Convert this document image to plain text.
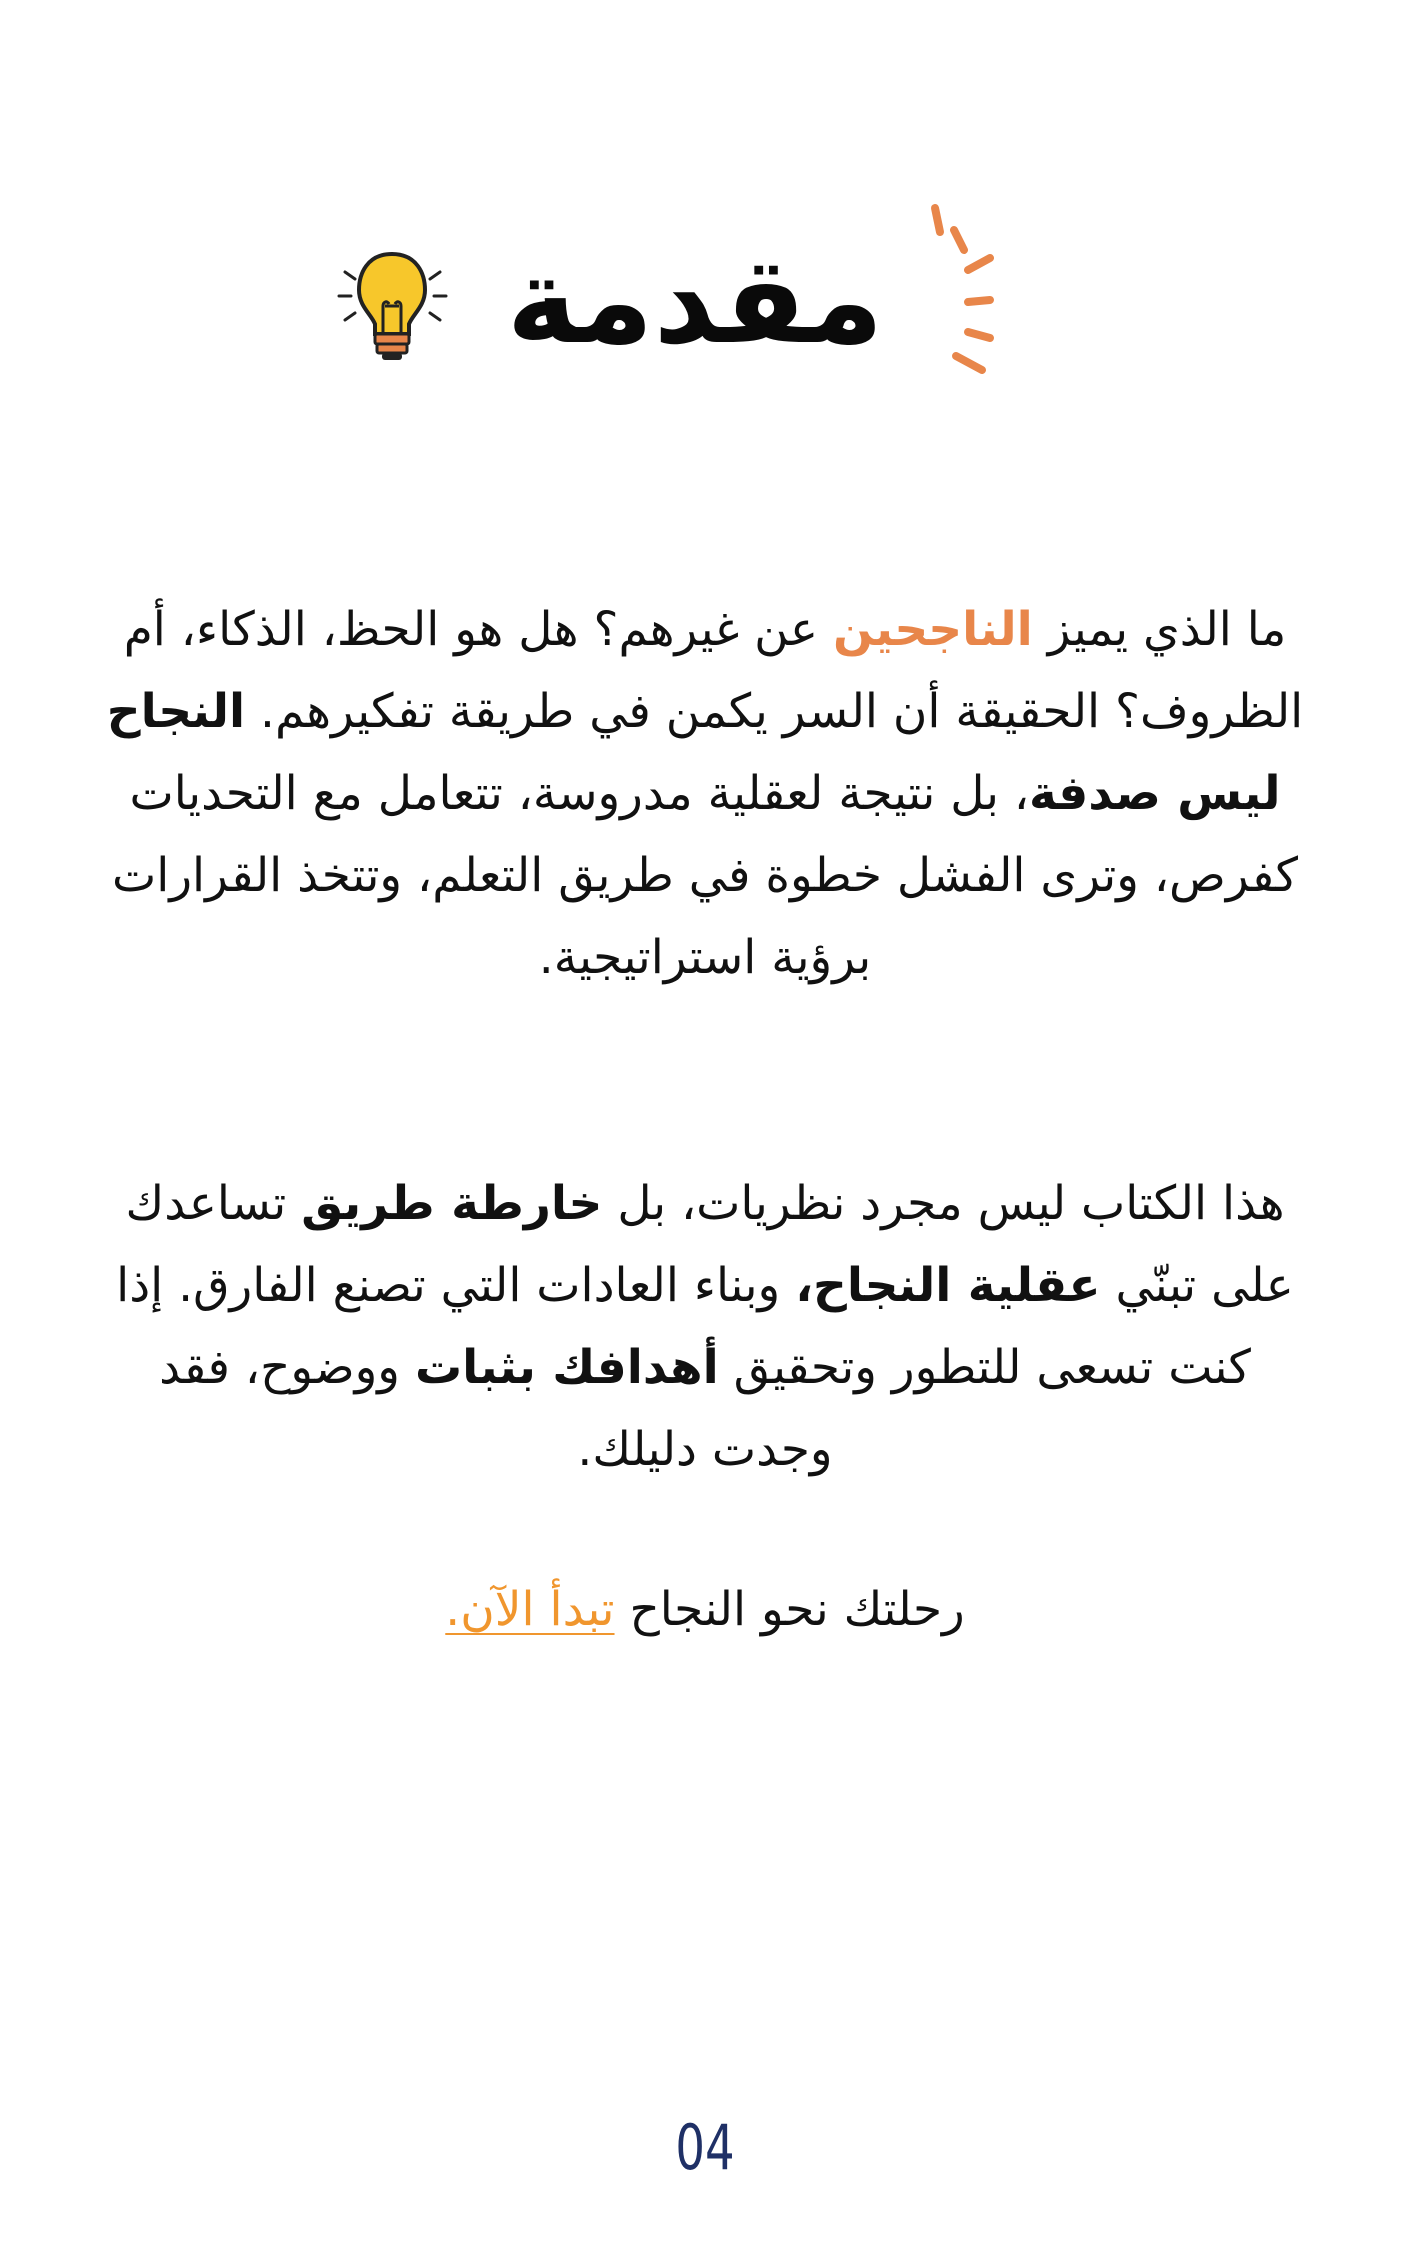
مقدمة

ما الذي يميز الناجحين عن غيرهم؟ هل هو الحظ، الذكاء، أم الظروف؟ الحقيقة أن السر يكمن في طريقة تفكيرهم. النجاح ليس صدفة، بل نتيجة لعقلية مدروسة، تتعامل مع التحديات كفرص، وترى الفشل خطوة في طريق التعلم، وتتخذ القرارات برؤية استراتيجية.

هذا الكتاب ليس مجرد نظريات، بل خارطة طريق تساعدك على تبنّي عقلية النجاح، وبناء العادات التي تصنع الفارق. إذا كنت تسعى للتطور وتحقيق أهدافك بثبات ووضوح، فقد وجدت دليلك.

رحلتك نحو النجاح تبدأ الآن.

04
